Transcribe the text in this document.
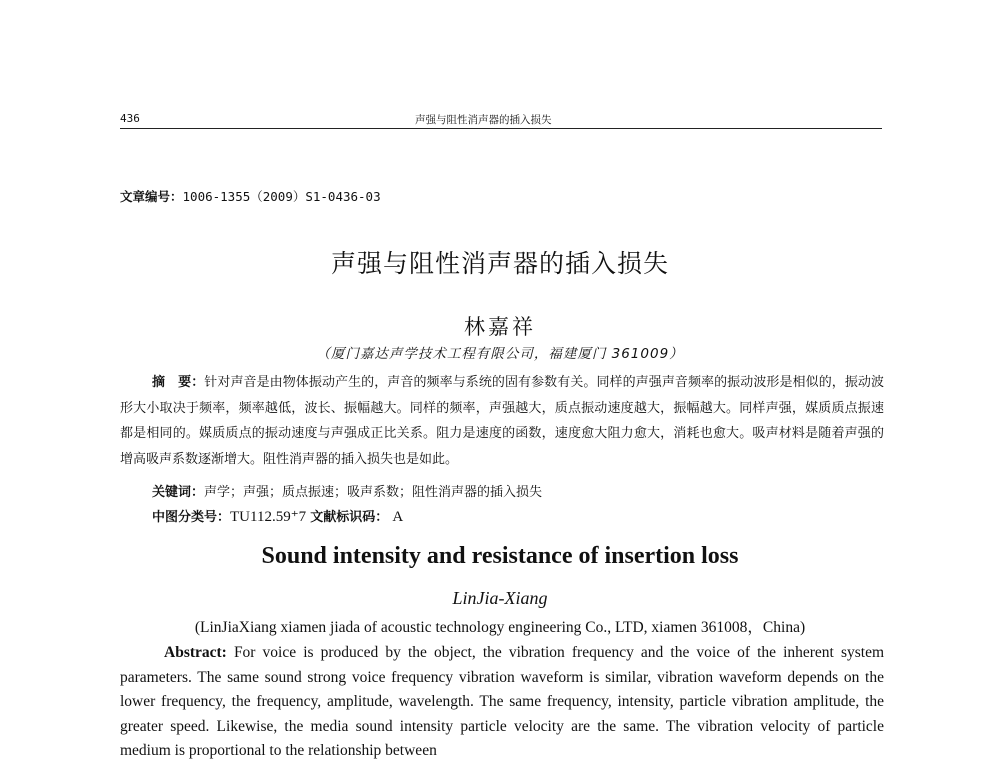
436	声强与阻性消声器的插入损失
文章编号：1006-1355（2009）S1-0436-03
声强与阻性消声器的插入损失
林嘉祥
（厦门嘉达声学技术工程有限公司，福建厦门 361009）
摘　要：针对声音是由物体振动产生的，声音的频率与系统的固有参数有关。同样的声强声音频率的振动波形是相似的，振动波形大小取决于频率，频率越低，波长、振幅越大。同样的频率，声强越大，质点振动速度越大，振幅越大。同样声强，媒质质点振速都是相同的。媒质质点的振动速度与声强成正比关系。阻力是速度的函数，速度愈大阻力愈大，消耗也愈大。吸声材料是随着声强的增高吸声系数逐渐增大。阻性消声器的插入损失也是如此。
关键词：声学；声强；质点振速；吸声系数；阻性消声器的插入损失
中图分类号：TU112.59⁺7 文献标识码： A
Sound intensity and resistance of insertion loss
LinJia-Xiang
(LinJiaXiang xiamen jiada of acoustic technology engineering Co., LTD, xiamen 361008，China)
Abstract: For voice is produced by the object, the vibration frequency and the voice of the inherent system parameters. The same sound strong voice frequency vibration waveform is similar, vibration waveform depends on the lower frequency, the frequency, amplitude, wavelength. The same frequency, intensity, particle vibration amplitude, the greater speed. Likewise, the media sound intensity particle velocity are the same. The vibration velocity of particle medium is proportional to the relationship between
